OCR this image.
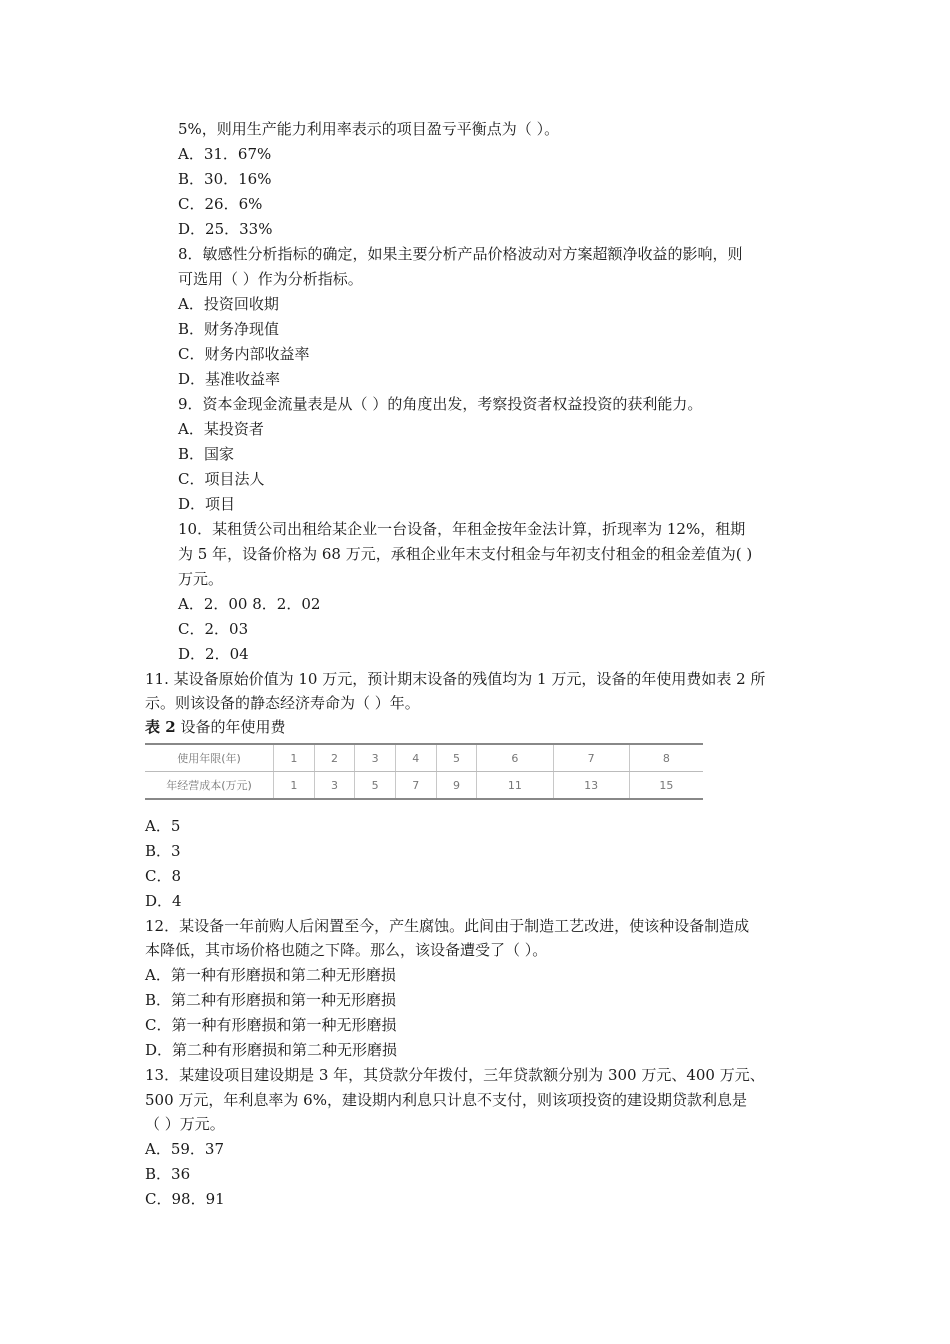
5%，则用生产能力利用率表示的项目盈亏平衡点为（ ）。
A．31．67%
B．30．16%
C．26．6%
D．25．33%
8．敏感性分析指标的确定，如果主要分析产品价格波动对方案超额净收益的影响，则
可选用（ ）作为分析指标。
A．投资回收期
B．财务净现值
C．财务内部收益率
D．基准收益率
9．资本金现金流量表是从（ ）的角度出发，考察投资者权益投资的获利能力。
A．某投资者
B．国家
C．项目法人
D．项目
10．某租赁公司出租给某企业一台设备，年租金按年金法计算，折现率为 12%，租期
为 5 年，设备价格为 68 万元，承租企业年末支付租金与年初支付租金的租金差值为( )
万元。
A．2．00 8．2．02
C．2．03
D．2．04
11. 某设备原始价值为 10 万元，预计期末设备的残值均为 1 万元，设备的年使用费如表 2 所
示。则该设备的静态经济寿命为（ ）年。
表 2 设备的年使用费
使用年限(年)	1	2	3	4	5	6	7	8
年经营成本(万元)	1	3	5	7	9	11	13	15
A．5
B．3
C．8
D．4
12．某设备一年前购人后闲置至今，产生腐蚀。此间由于制造工艺改进，使该种设备制造成
本降低，其市场价格也随之下降。那么，该设备遭受了（ ）。
A．第一种有形磨损和第二种无形磨损
B．第二种有形磨损和第一种无形磨损
C．第一种有形磨损和第一种无形磨损
D．第二种有形磨损和第二种无形磨损
13．某建设项目建设期是 3 年，其贷款分年拨付，三年贷款额分别为 300 万元、400 万元、
500 万元，年利息率为 6%，建设期内利息只计息不支付，则该项投资的建设期贷款利息是
（ ）万元。
A．59．37
B．36
C．98．91
